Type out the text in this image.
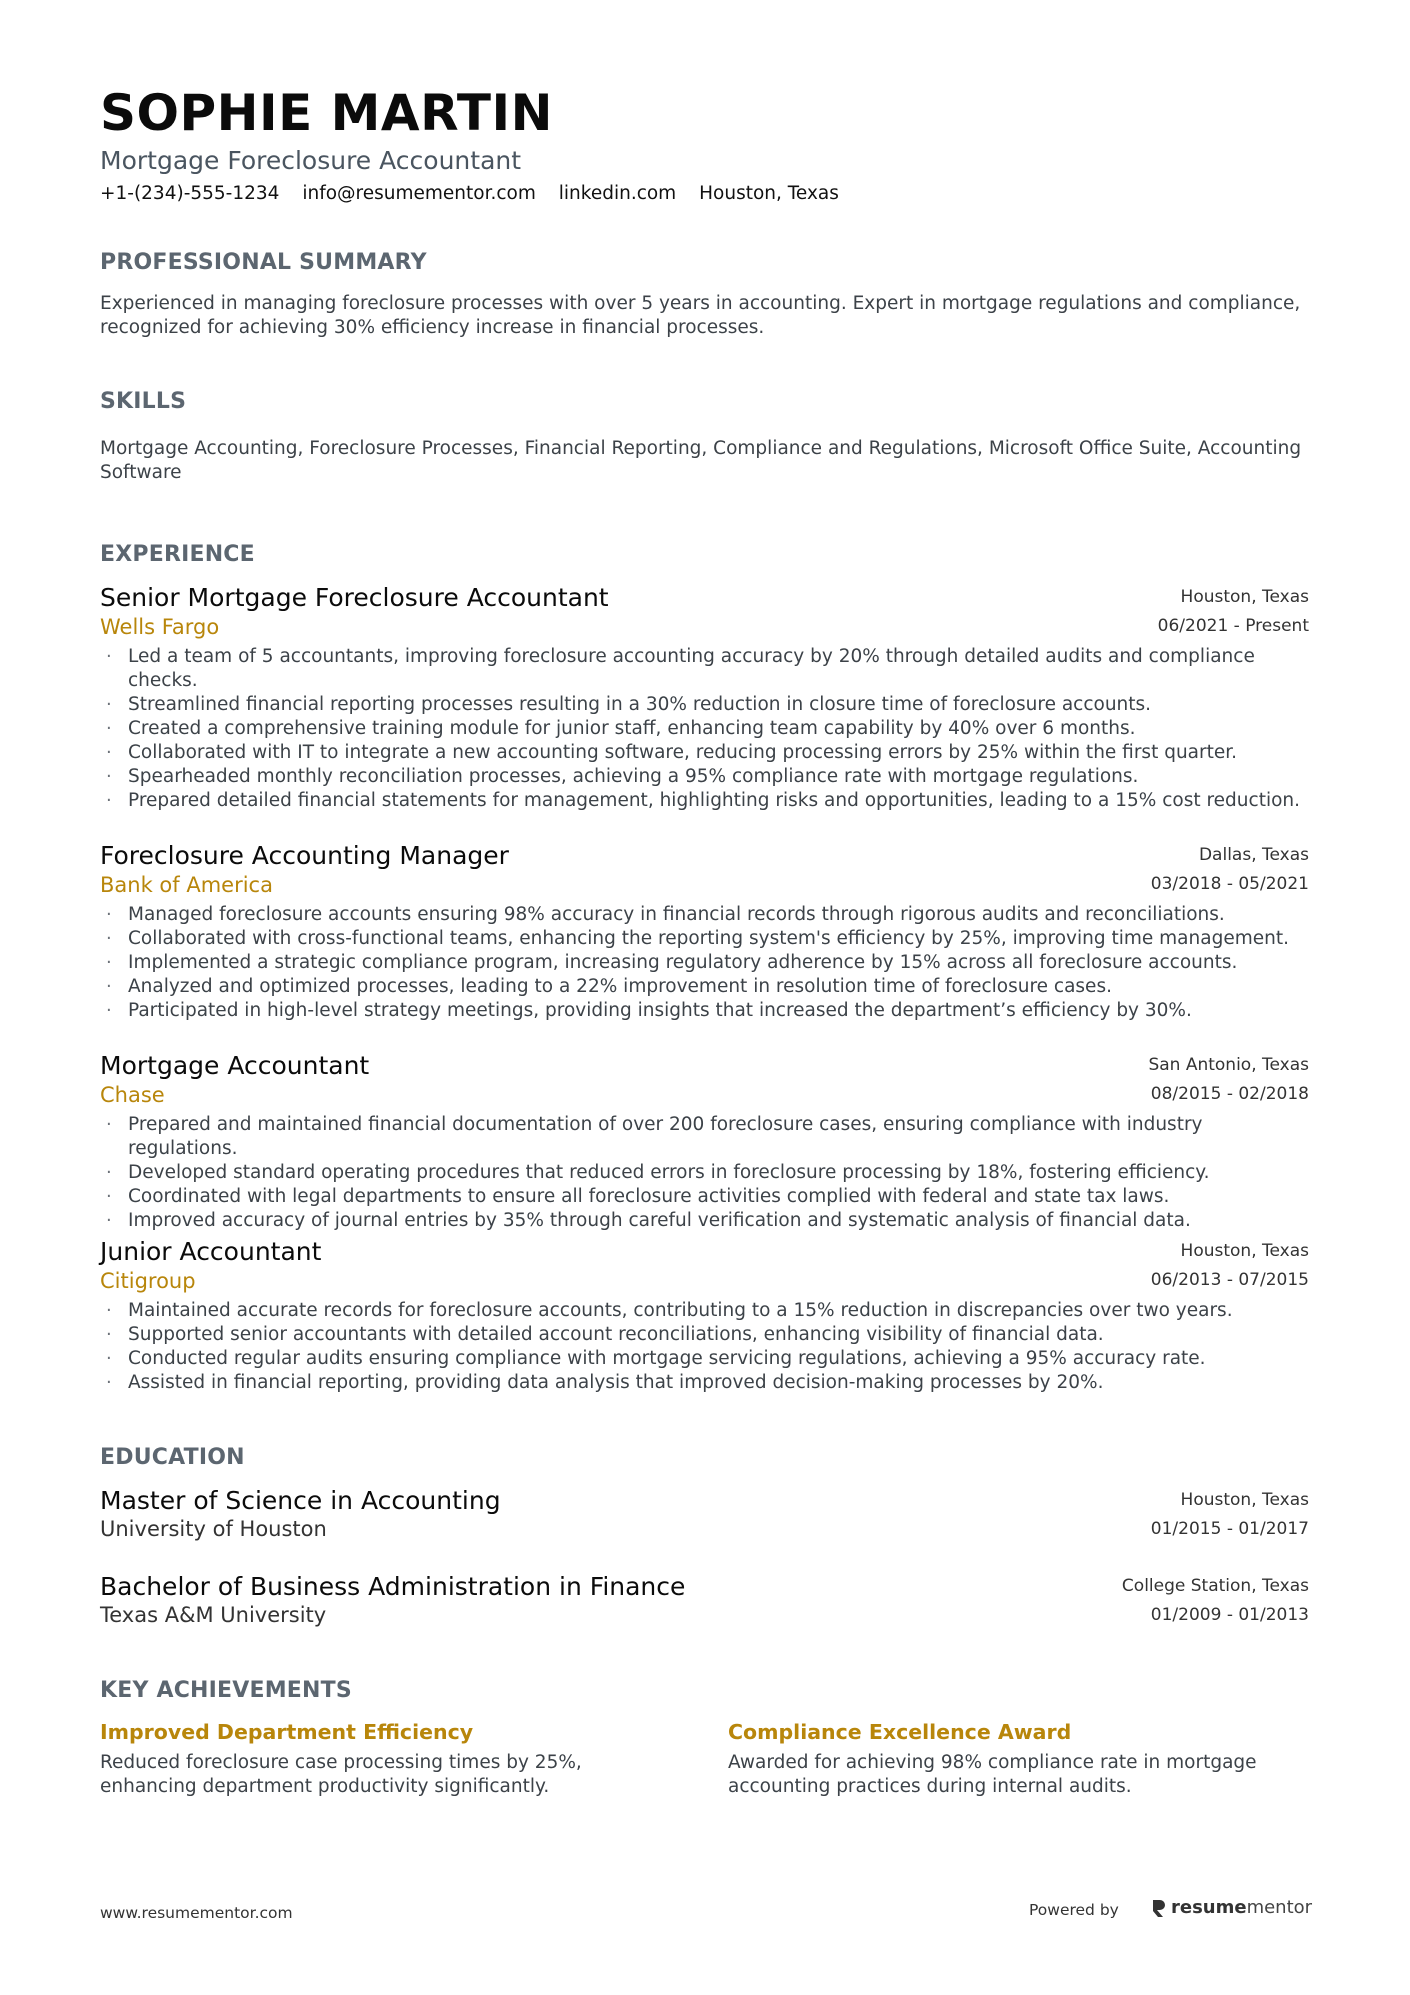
SOPHIE MARTIN
Mortgage Foreclosure Accountant
+1-(234)-555-1234 info@resumementor.com linkedin.com Houston, Texas
PROFESSIONAL SUMMARY
Experienced in managing foreclosure processes with over 5 years in accounting. Expert in mortgage regulations and compliance, recognized for achieving 30% efficiency increase in financial processes.
SKILLS
Mortgage Accounting, Foreclosure Processes, Financial Reporting, Compliance and Regulations, Microsoft Office Suite, Accounting Software
EXPERIENCE
Senior Mortgage Foreclosure Accountant
Wells Fargo
Houston, Texas
06/2021 - Present
· Led a team of 5 accountants, improving foreclosure accounting accuracy by 20% through detailed audits and compliance checks.
· Streamlined financial reporting processes resulting in a 30% reduction in closure time of foreclosure accounts.
· Created a comprehensive training module for junior staff, enhancing team capability by 40% over 6 months.
· Collaborated with IT to integrate a new accounting software, reducing processing errors by 25% within the first quarter.
· Spearheaded monthly reconciliation processes, achieving a 95% compliance rate with mortgage regulations.
· Prepared detailed financial statements for management, highlighting risks and opportunities, leading to a 15% cost reduction.
Foreclosure Accounting Manager
Bank of America
Dallas, Texas
03/2018 - 05/2021
· Managed foreclosure accounts ensuring 98% accuracy in financial records through rigorous audits and reconciliations.
· Collaborated with cross-functional teams, enhancing the reporting system's efficiency by 25%, improving time management.
· Implemented a strategic compliance program, increasing regulatory adherence by 15% across all foreclosure accounts.
· Analyzed and optimized processes, leading to a 22% improvement in resolution time of foreclosure cases.
· Participated in high-level strategy meetings, providing insights that increased the department’s efficiency by 30%.
Mortgage Accountant
Chase
San Antonio, Texas
08/2015 - 02/2018
· Prepared and maintained financial documentation of over 200 foreclosure cases, ensuring compliance with industry regulations.
· Developed standard operating procedures that reduced errors in foreclosure processing by 18%, fostering efficiency.
· Coordinated with legal departments to ensure all foreclosure activities complied with federal and state tax laws.
· Improved accuracy of journal entries by 35% through careful verification and systematic analysis of financial data.
Junior Accountant
Citigroup
Houston, Texas
06/2013 - 07/2015
· Maintained accurate records for foreclosure accounts, contributing to a 15% reduction in discrepancies over two years.
· Supported senior accountants with detailed account reconciliations, enhancing visibility of financial data.
· Conducted regular audits ensuring compliance with mortgage servicing regulations, achieving a 95% accuracy rate.
· Assisted in financial reporting, providing data analysis that improved decision-making processes by 20%.
EDUCATION
Master of Science in Accounting
University of Houston
Houston, Texas
01/2015 - 01/2017
Bachelor of Business Administration in Finance
Texas A&M University
College Station, Texas
01/2009 - 01/2013
KEY ACHIEVEMENTS
Improved Department Efficiency
Reduced foreclosure case processing times by 25%, enhancing department productivity significantly.
Compliance Excellence Award
Awarded for achieving 98% compliance rate in mortgage accounting practices during internal audits.
www.resumementor.com	Powered by	resume mentor
